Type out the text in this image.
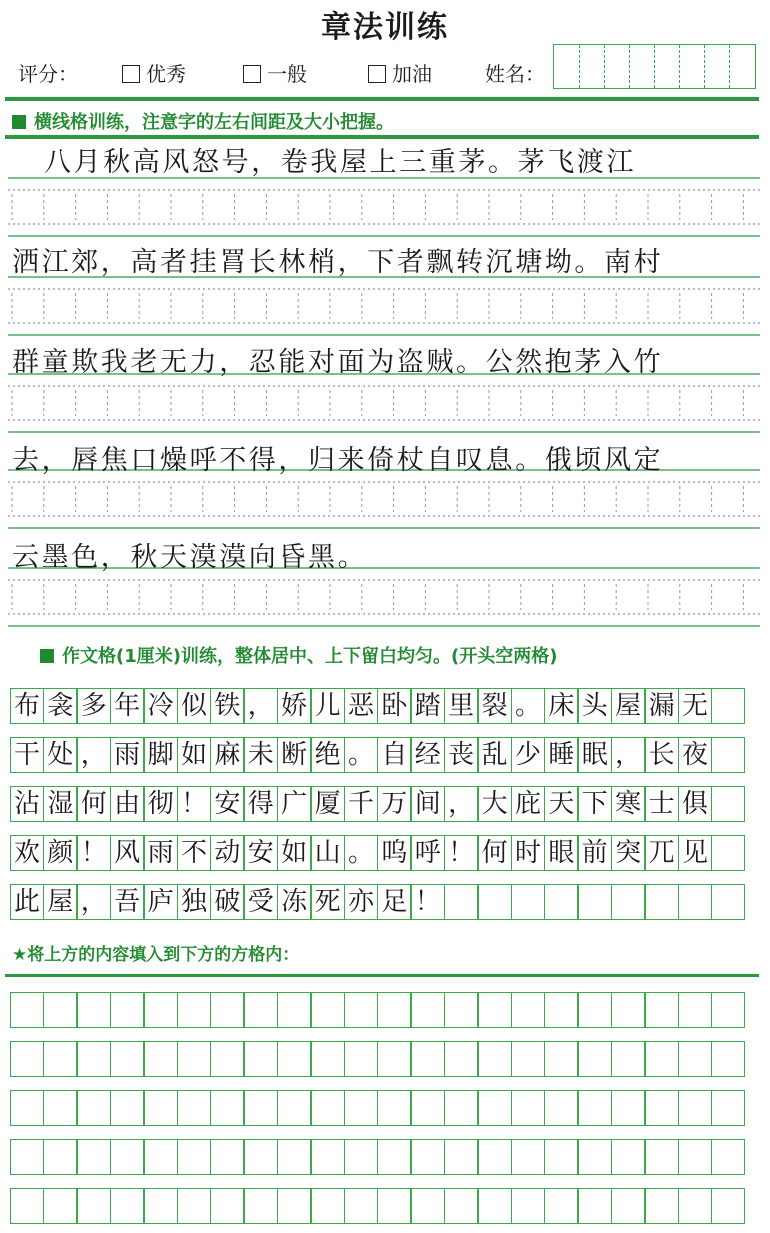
章法训练
评分：	优秀	一般	加油	姓名：
横线格训练，注意字的左右间距及大小把握。
八月秋高风怒号，卷我屋上三重茅。茅飞渡江
洒江郊，高者挂罥长林梢，下者飘转沉塘坳。南村
群童欺我老无力，忍能对面为盗贼。公然抱茅入竹
去，唇焦口燥呼不得，归来倚杖自叹息。俄顷风定
云墨色，秋天漠漠向昏黑。
作文格(1厘米)训练，整体居中、上下留白均匀。(开头空两格)
布 衾 多 年 冷 似 铁 ， 娇 儿 恶 卧 踏 里 裂 。 床 头 屋 漏 无
干 处 ， 雨 脚 如 麻 未 断 绝 。 自 经 丧 乱 少 睡 眠 ， 长 夜
沾 湿 何 由 彻 ！ 安 得 广 厦 千 万 间 ， 大 庇 天 下 寒 士 俱
欢 颜 ！ 风 雨 不 动 安 如 山 。 呜 呼 ！ 何 时 眼 前 突 兀 见
此 屋 ， 吾 庐 独 破 受 冻 死 亦 足 ！
★将上方的内容填入到下方的方格内：
